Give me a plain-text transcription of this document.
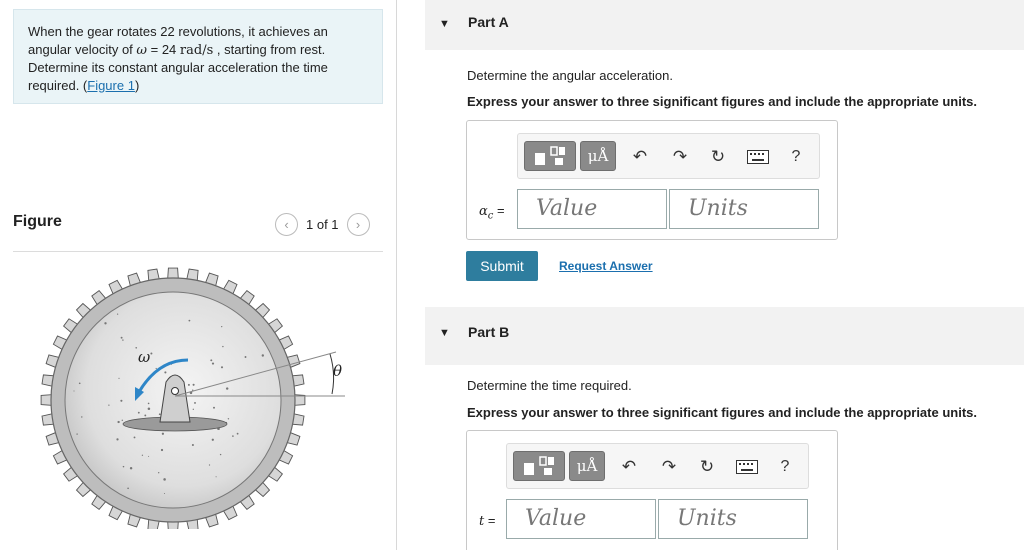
When the gear rotates 22 revolutions, it achieves an angular velocity of ω = 24 rad/s , starting from rest. Determine its constant angular acceleration the time required. (Figure 1)
Figure	‹	1 of 1	›
ω
θ
▼ Part A
Determine the angular acceleration.
Express your answer to three significant figures and include the appropriate units.
μÅ	↶ ↷ ↻	?
$\alpha_c$ =	Value	Units
Submit	Request Answer
▼ Part B
Determine the time required.
Express your answer to three significant figures and include the appropriate units.
μÅ	↶ ↷ ↻	?
t =	Value	Units
